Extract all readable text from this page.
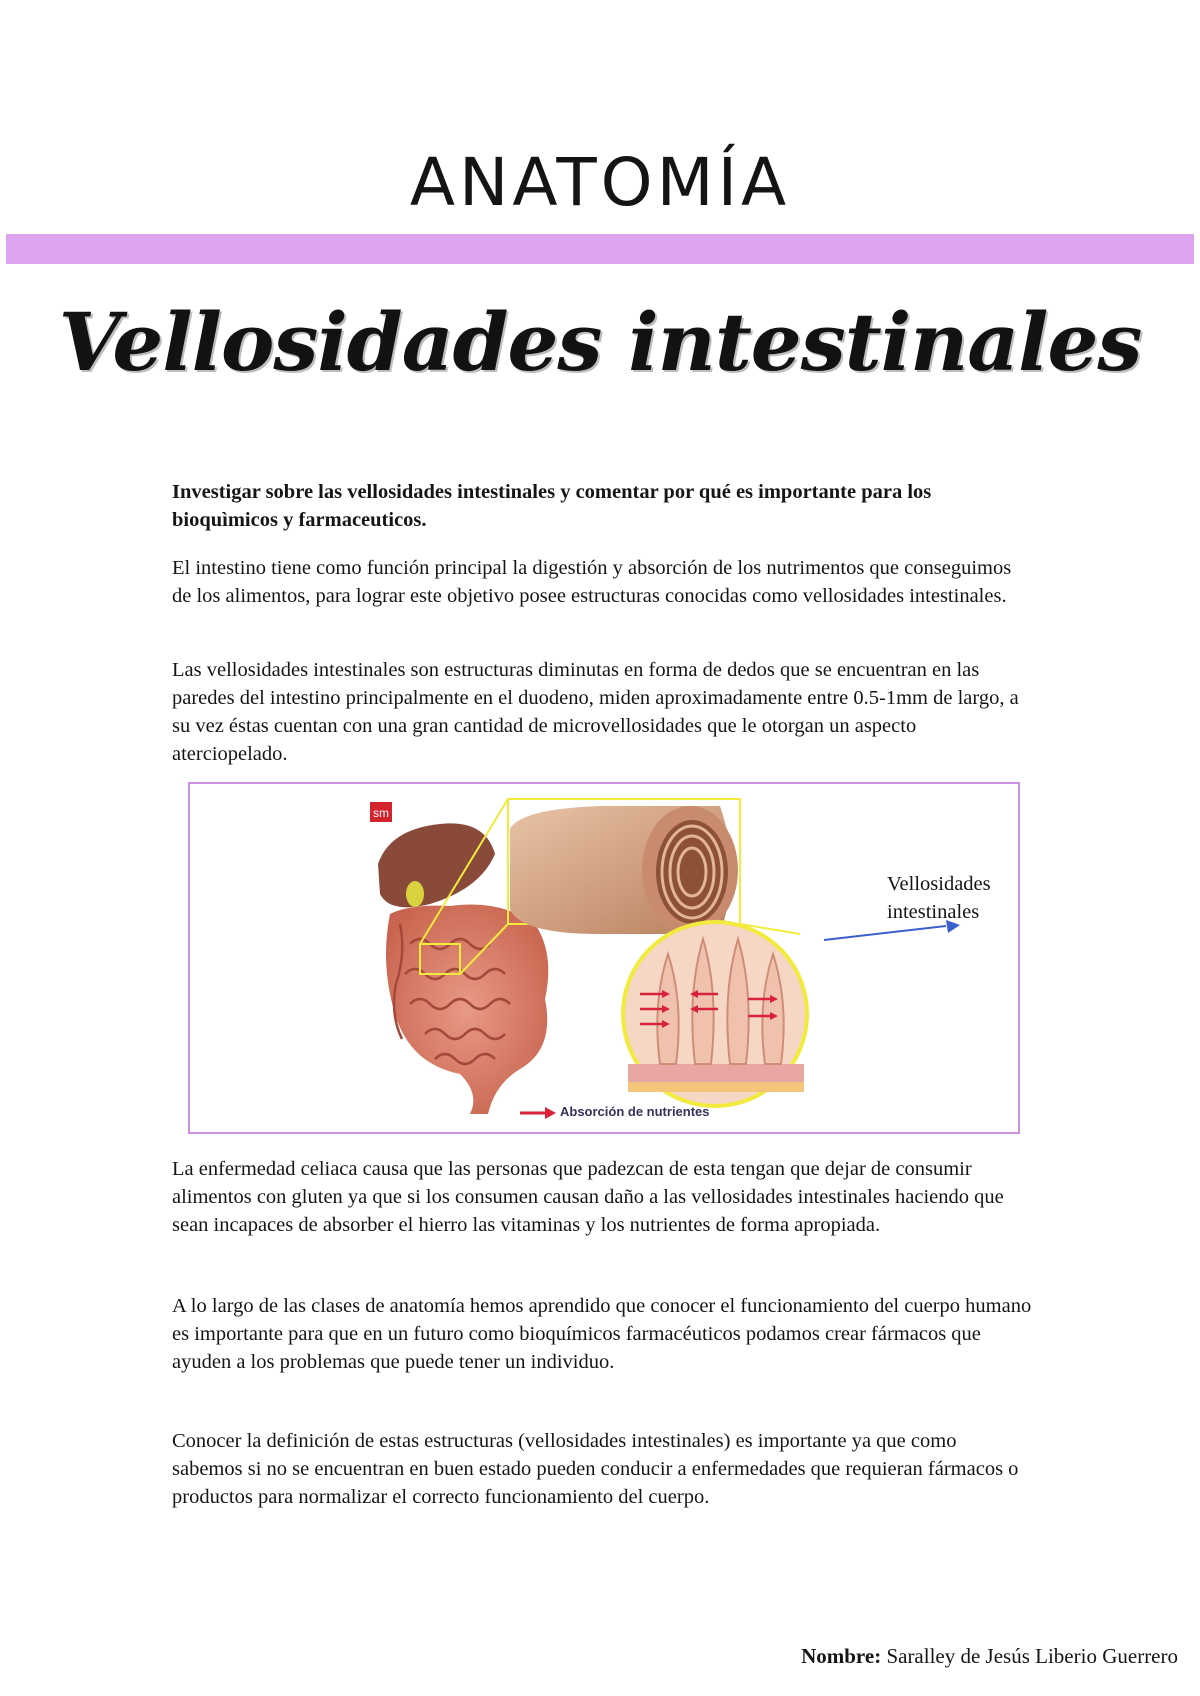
ANATOMÍA
Vellosidades intestinales

Investigar sobre las vellosidades intestinales y comentar por qué es importante para los bioquìmicos y farmaceuticos.

El intestino tiene como función principal la digestión y absorción de los nutrimentos que conseguimos de los alimentos, para lograr este objetivo posee estructuras conocidas como vellosidades intestinales.

Las vellosidades intestinales son estructuras diminutas en forma de dedos que se encuentran en las paredes del intestino principalmente en el duodeno, miden aproximadamente entre 0.5-1mm de largo, a su vez éstas cuentan con una gran cantidad de microvellosidades que le otorgan un aspecto aterciopelado.

sm
Absorción de nutrientes
Vellosidades intestinales

La enfermedad celiaca causa que las personas que padezcan de esta tengan que dejar de consumir alimentos con gluten ya que si los consumen causan daño a las vellosidades intestinales haciendo que sean incapaces de absorber el hierro las vitaminas y los nutrientes de forma apropiada.

A lo largo de las clases de anatomía hemos aprendido que conocer el funcionamiento del cuerpo humano es importante para que en un futuro como bioquímicos farmacéuticos podamos crear fármacos que ayuden a los problemas que puede tener un individuo.

Conocer la definición de estas estructuras (vellosidades intestinales) es importante ya que como sabemos si no se encuentran en buen estado pueden conducir a enfermedades que requieran fármacos o productos para normalizar el correcto funcionamiento del cuerpo.

Nombre: Saralley de Jesús Liberio Guerrero
